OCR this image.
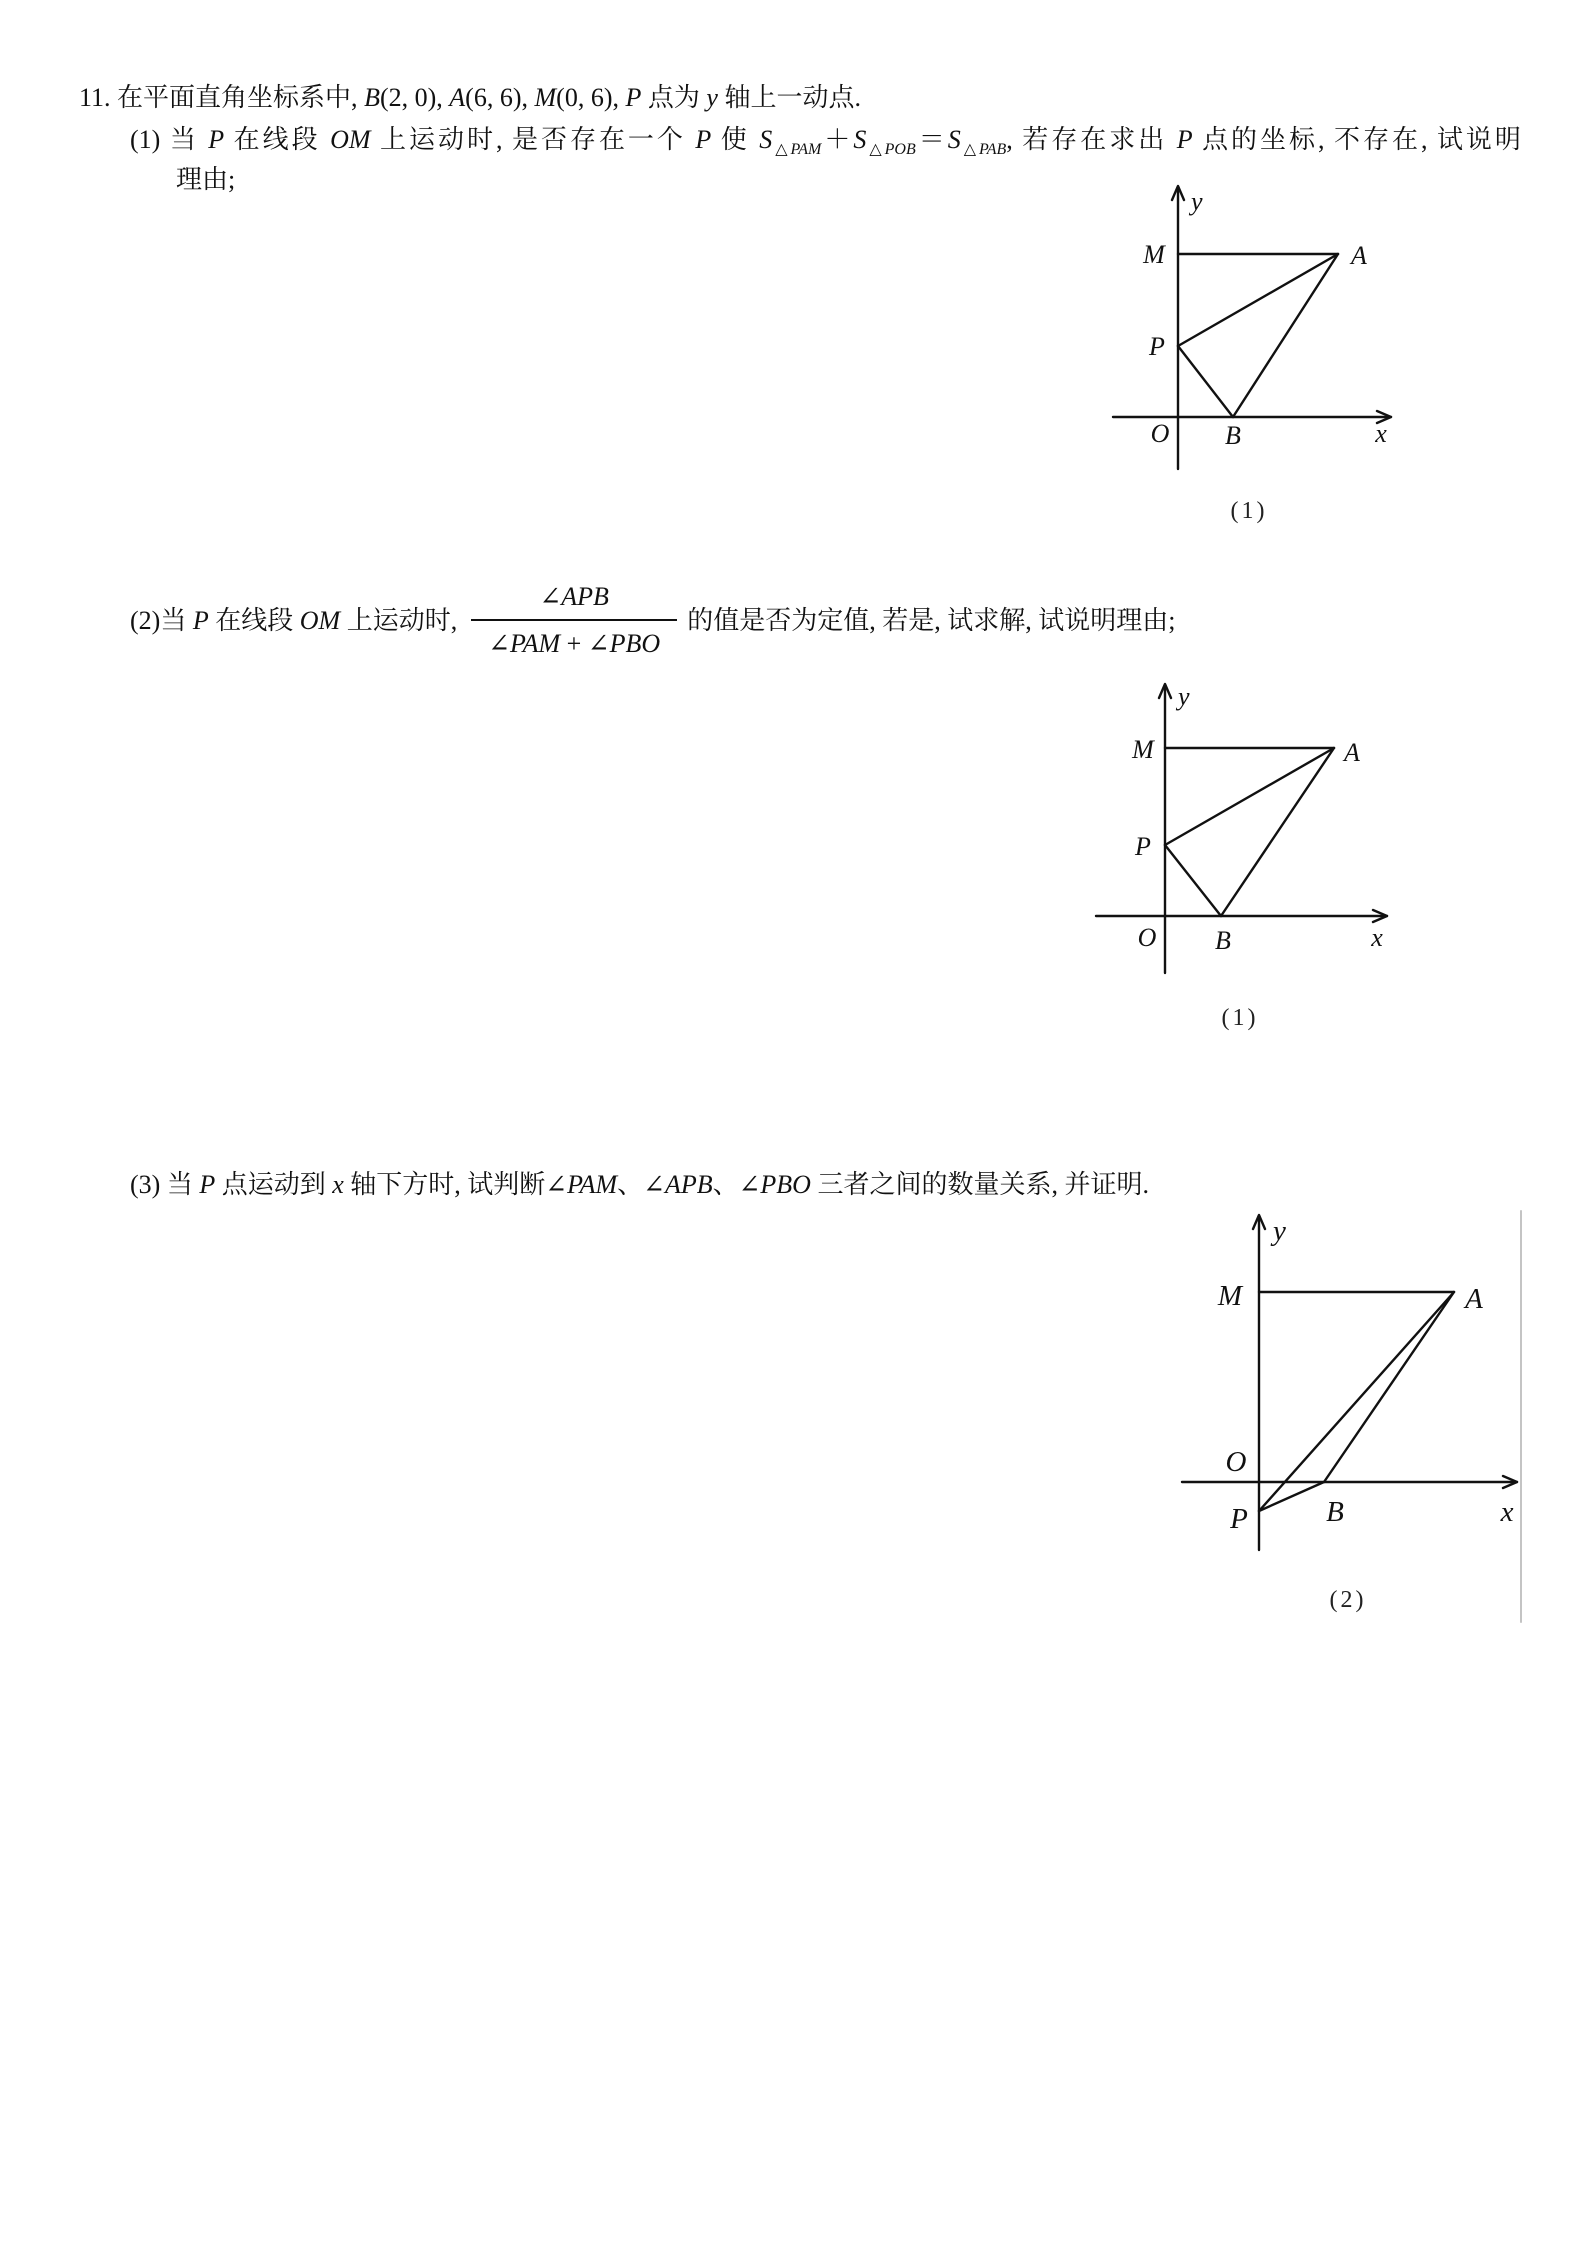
11. 在平面直角坐标系中, B(2, 0), A(6, 6), M(0, 6), P 点为 y 轴上一动点.
(1) 当 P 在线段 OM 上运动时, 是否存在一个 P 使 $S_{\triangle PAM}+S_{\triangle POB}=S_{\triangle PAB}$, 若存在求出 P 点的坐标, 不存在, 试说明
理由;
y
M	A
P
O B	x
(1)
(2) 当 P 在线段 OM 上运动时, $\frac{\text{∠APB}}{\text{∠PAM + ∠PBO}}$ 的值是否为定值, 若是, 试求解, 试说明理由;
y
M	A
P
O B	x
(1)
(3) 当 P 点运动到 x 轴下方时, 试判断∠PAM、∠APB、∠PBO 三者之间的数量关系, 并证明.
y
M	A
O
P	B	x
(2)
